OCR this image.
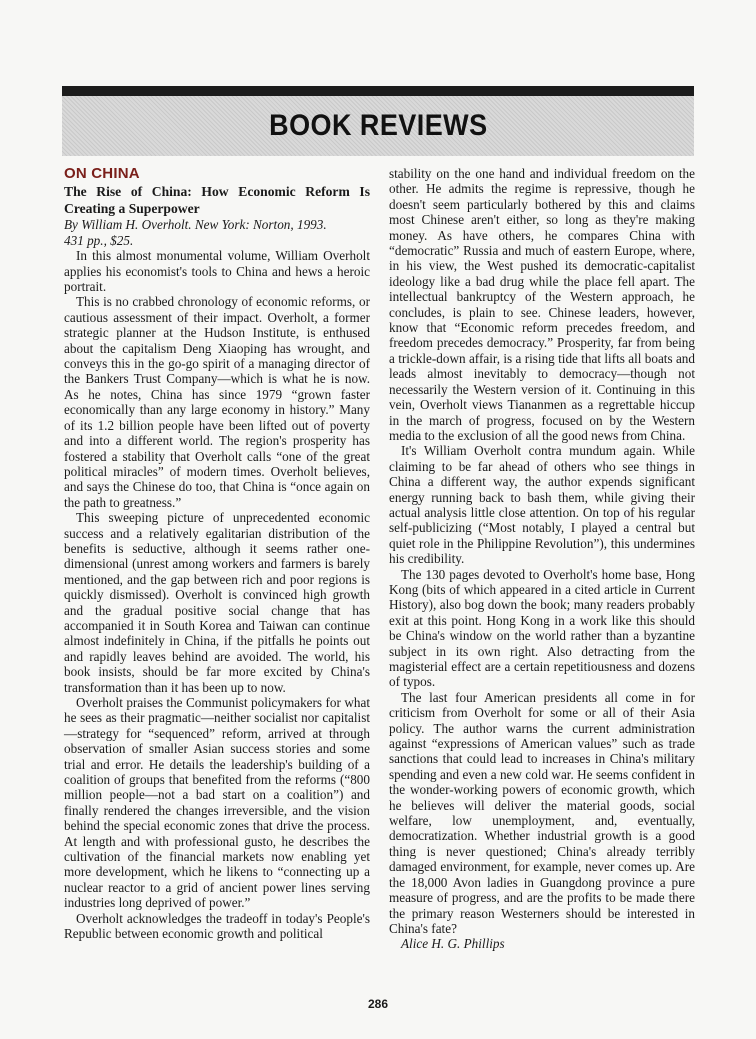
BOOK REVIEWS
ON CHINA

The Rise of China: How Economic Reform Is Creating a Superpower

By William H. Overholt. New York: Norton, 1993.

431 pp., $25.

In this almost monumental volume, William Overholt applies his economist's tools to China and hews a heroic portrait.

This is no crabbed chronology of economic reforms, or cautious assessment of their impact. Overholt, a former strategic planner at the Hudson Institute, is enthused about the capitalism Deng Xiaoping has wrought, and conveys this in the go-go spirit of a managing director of the Bankers Trust Company—which is what he is now. As he notes, China has since 1979 “grown faster economically than any large economy in history.” Many of its 1.2 billion people have been lifted out of poverty and into a different world. The region's prosperity has fostered a stability that Overholt calls “one of the great political miracles” of modern times. Overholt believes, and says the Chinese do too, that China is “once again on the path to greatness.”

This sweeping picture of unprecedented economic success and a relatively egalitarian distribution of the benefits is seductive, although it seems rather one-dimensional (unrest among workers and farmers is barely mentioned, and the gap between rich and poor regions is quickly dismissed). Overholt is convinced high growth and the gradual positive social change that has accompanied it in South Korea and Taiwan can continue almost indefinitely in China, if the pitfalls he points out and rapidly leaves behind are avoided. The world, his book insists, should be far more excited by China's transformation than it has been up to now.

Overholt praises the Communist policymakers for what he sees as their pragmatic—neither socialist nor capitalist—strategy for “sequenced” reform, arrived at through observation of smaller Asian success stories and some trial and error. He details the leadership's building of a coalition of groups that benefited from the reforms (“800 million people—not a bad start on a coalition”) and finally rendered the changes irreversible, and the vision behind the special economic zones that drive the process. At length and with professional gusto, he describes the cultivation of the financial markets now enabling yet more development, which he likens to “connecting up a nuclear reactor to a grid of ancient power lines serving industries long deprived of power.”

Overholt acknowledges the tradeoff in today's People's Republic between economic growth and political

stability on the one hand and individual freedom on the other. He admits the regime is repressive, though he doesn't seem particularly bothered by this and claims most Chinese aren't either, so long as they're making money. As have others, he compares China with “democratic” Russia and much of eastern Europe, where, in his view, the West pushed its democratic-capitalist ideology like a bad drug while the place fell apart. The intellectual bankruptcy of the Western approach, he concludes, is plain to see. Chinese leaders, however, know that “Economic reform precedes freedom, and freedom precedes democracy.” Prosperity, far from being a trickle-down affair, is a rising tide that lifts all boats and leads almost inevitably to democracy—though not necessarily the Western version of it. Continuing in this vein, Overholt views Tiananmen as a regrettable hiccup in the march of progress, focused on by the Western media to the exclusion of all the good news from China.

It's William Overholt contra mundum again. While claiming to be far ahead of others who see things in China a different way, the author expends significant energy running back to bash them, while giving their actual analysis little close attention. On top of his regular self-publicizing (“Most notably, I played a central but quiet role in the Philippine Revolution”), this undermines his credibility.

The 130 pages devoted to Overholt's home base, Hong Kong (bits of which appeared in a cited article in Current History), also bog down the book; many readers probably exit at this point. Hong Kong in a work like this should be China's window on the world rather than a byzantine subject in its own right. Also detracting from the magisterial effect are a certain repetitiousness and dozens of typos.

The last four American presidents all come in for criticism from Overholt for some or all of their Asia policy. The author warns the current administration against “expressions of American values” such as trade sanctions that could lead to increases in China's military spending and even a new cold war. He seems confident in the wonder-working powers of economic growth, which he believes will deliver the material goods, social welfare, low unemployment, and, eventually, democratization. Whether industrial growth is a good thing is never questioned; China's already terribly damaged environment, for example, never comes up. Are the 18,000 Avon ladies in Guangdong province a pure measure of progress, and are the profits to be made there the primary reason Westerners should be interested in China's fate?

Alice H. G. Phillips

286
